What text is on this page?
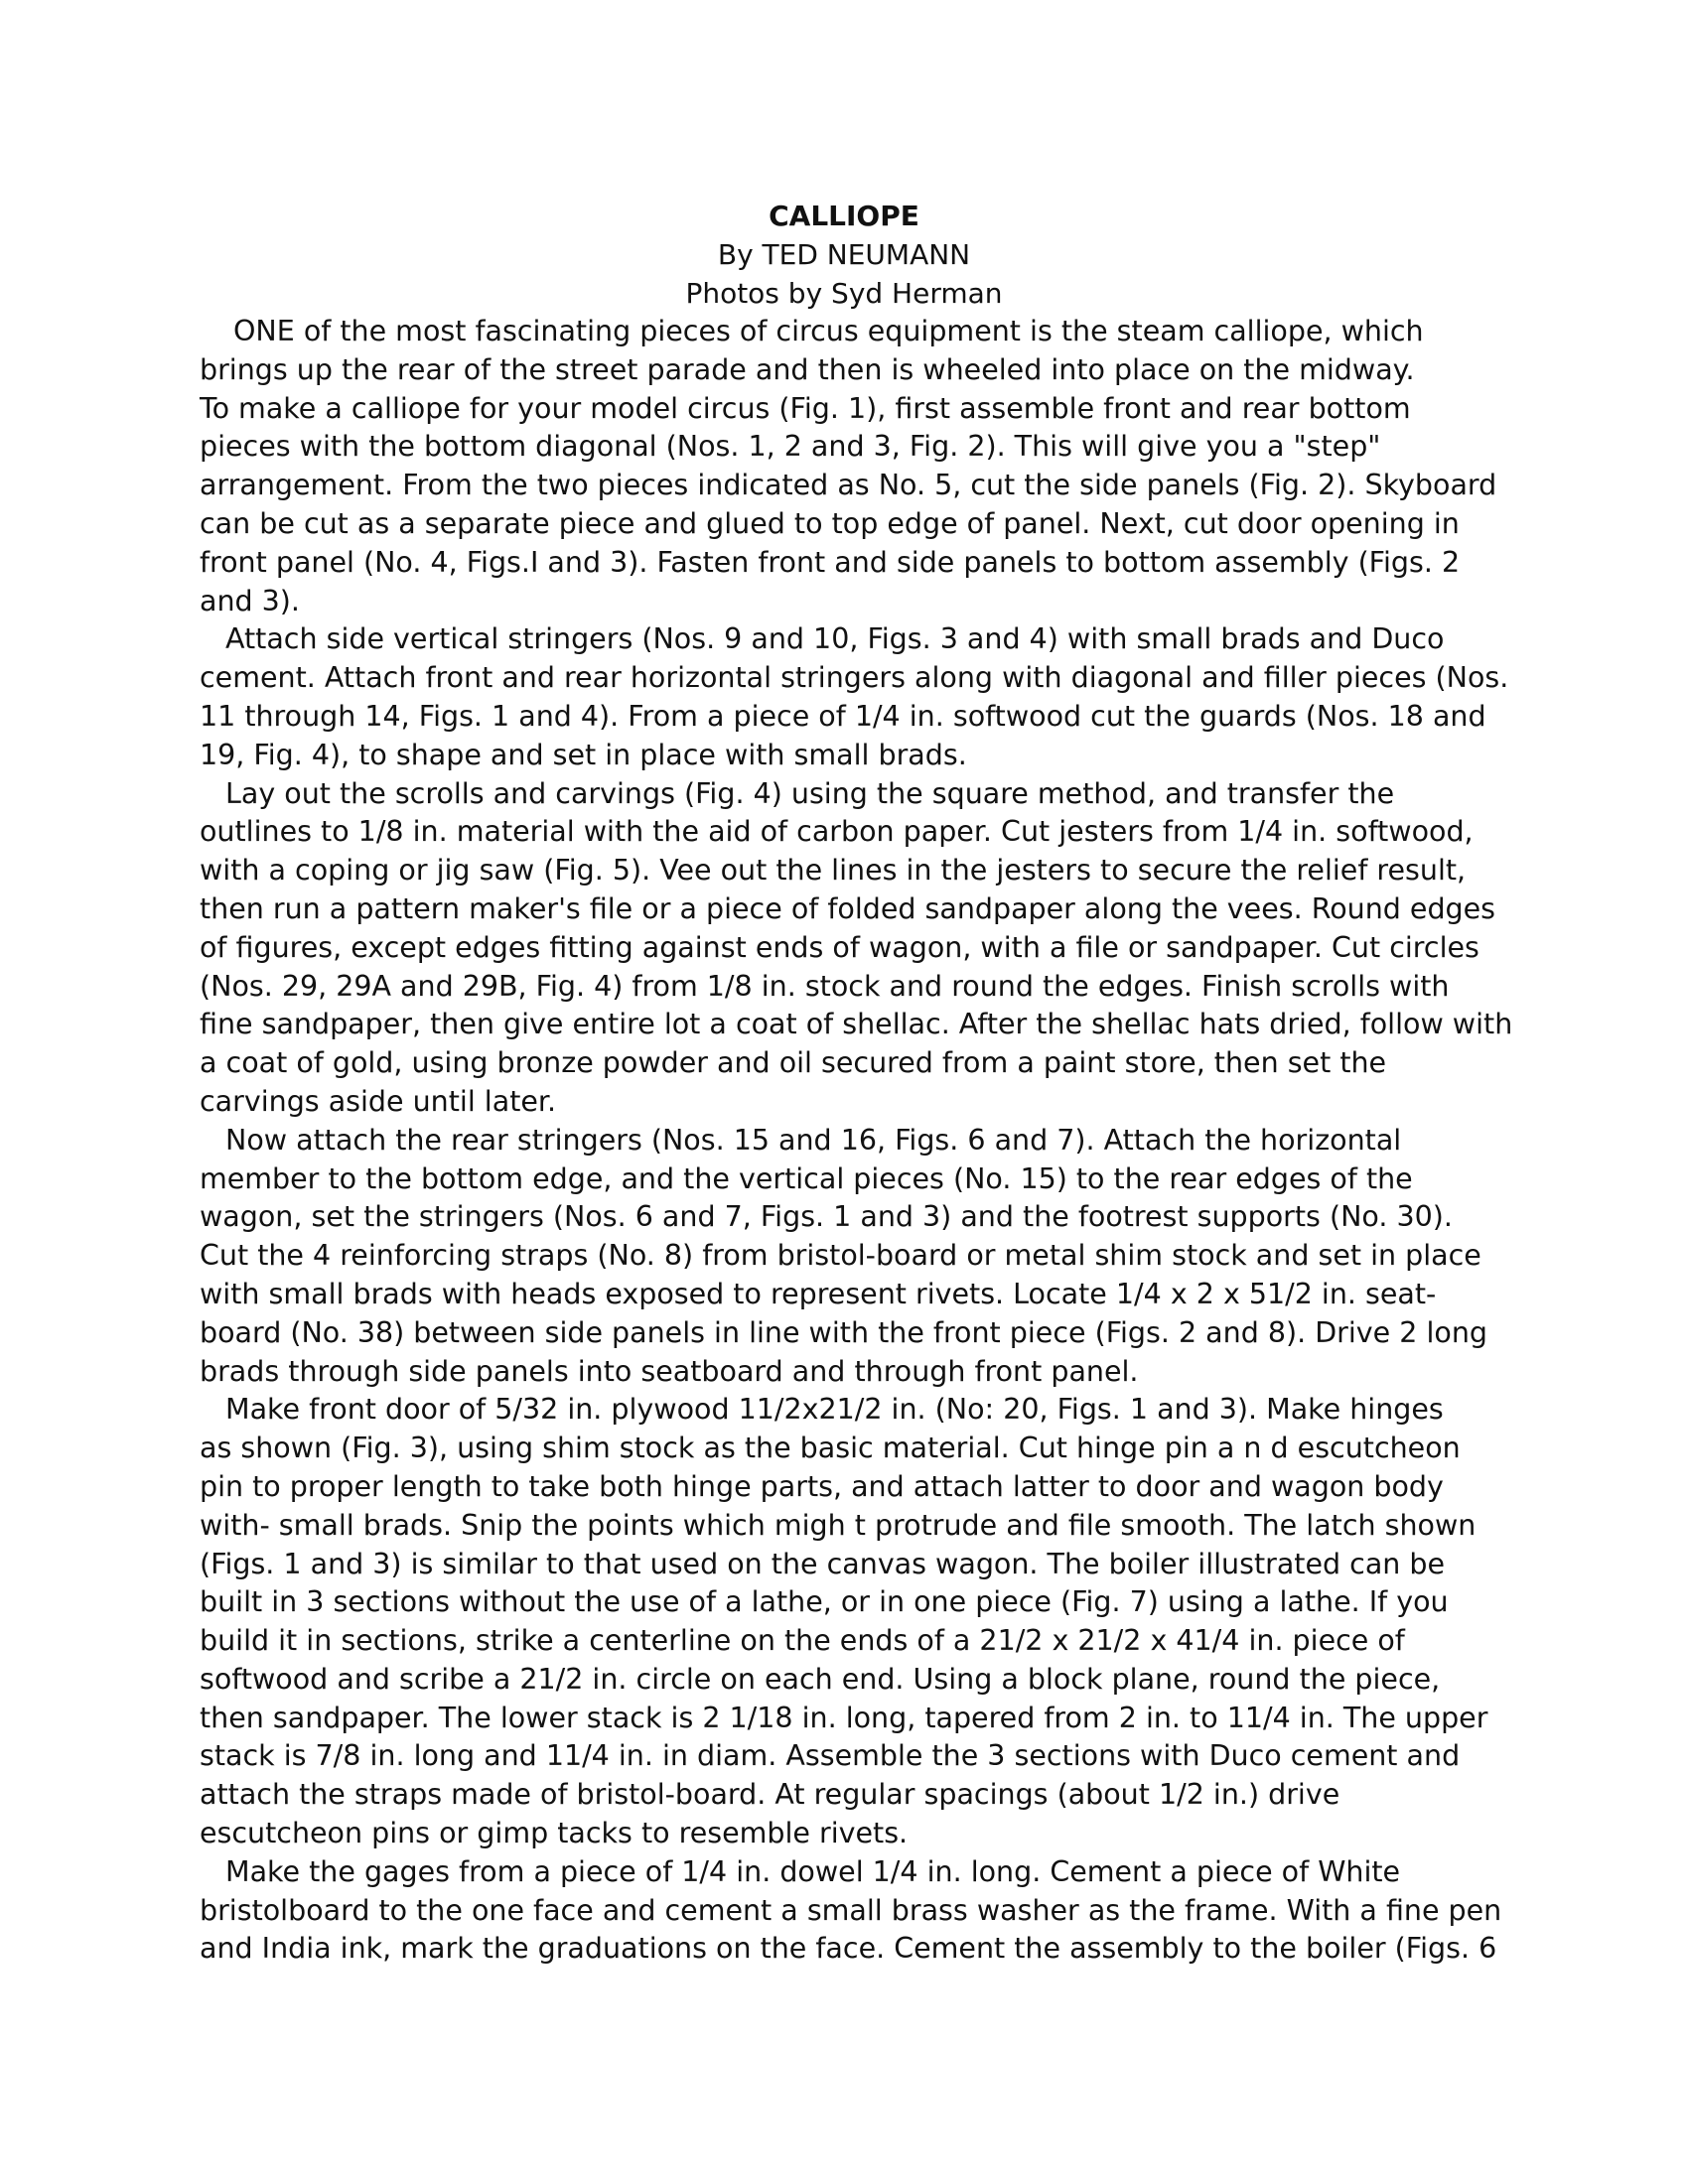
CALLIOPE
By TED NEUMANN
Photos by Syd Herman
ONE of the most fascinating pieces of circus equipment is the steam calliope, which
brings up the rear of the street parade and then is wheeled into place on the midway.
To make a calliope for your model circus (Fig. 1), first assemble front and rear bottom
pieces with the bottom diagonal (Nos. 1, 2 and 3, Fig. 2). This will give you a "step"
arrangement. From the two pieces indicated as No. 5, cut the side panels (Fig. 2). Skyboard
can be cut as a separate piece and glued to top edge of panel. Next, cut door opening in
front panel (No. 4, Figs.I and 3). Fasten front and side panels to bottom assembly (Figs. 2
and 3).
Attach side vertical stringers (Nos. 9 and 10, Figs. 3 and 4) with small brads and Duco
cement. Attach front and rear horizontal stringers along with diagonal and filler pieces (Nos.
11 through 14, Figs. 1 and 4). From a piece of 1/4 in. softwood cut the guards (Nos. 18 and
19, Fig. 4), to shape and set in place with small brads.
Lay out the scrolls and carvings (Fig. 4) using the square method, and transfer the
outlines to 1/8 in. material with the aid of carbon paper. Cut jesters from 1/4 in. softwood,
with a coping or jig saw (Fig. 5). Vee out the lines in the jesters to secure the relief result,
then run a pattern maker's file or a piece of folded sandpaper along the vees. Round edges
of figures, except edges fitting against ends of wagon, with a file or sandpaper. Cut circles
(Nos. 29, 29A and 29B, Fig. 4) from 1/8 in. stock and round the edges. Finish scrolls with
fine sandpaper, then give entire lot a coat of shellac. After the shellac hats dried, follow with
a coat of gold, using bronze powder and oil secured from a paint store, then set the
carvings aside until later.
Now attach the rear stringers (Nos. 15 and 16, Figs. 6 and 7). Attach the horizontal
member to the bottom edge, and the vertical pieces (No. 15) to the rear edges of the
wagon, set the stringers (Nos. 6 and 7, Figs. 1 and 3) and the footrest supports (No. 30).
Cut the 4 reinforcing straps (No. 8) from bristol-board or metal shim stock and set in place
with small brads with heads exposed to represent rivets. Locate 1/4 x 2 x 51/2 in. seat-
board (No. 38) between side panels in line with the front piece (Figs. 2 and 8). Drive 2 long
brads through side panels into seatboard and through front panel.
Make front door of 5/32 in. plywood 11/2x21/2 in. (No: 20, Figs. 1 and 3). Make hinges
as shown (Fig. 3), using shim stock as the basic material. Cut hinge pin a n d escutcheon
pin to proper length to take both hinge parts, and attach latter to door and wagon body
with- small brads. Snip the points which migh t protrude and file smooth. The latch shown
(Figs. 1 and 3) is similar to that used on the canvas wagon. The boiler illustrated can be
built in 3 sections without the use of a lathe, or in one piece (Fig. 7) using a lathe. If you
build it in sections, strike a centerline on the ends of a 21/2 x 21/2 x 41/4 in. piece of
softwood and scribe a 21/2 in. circle on each end. Using a block plane, round the piece,
then sandpaper. The lower stack is 2 1/18 in. long, tapered from 2 in. to 11/4 in. The upper
stack is 7/8 in. long and 11/4 in. in diam. Assemble the 3 sections with Duco cement and
attach the straps made of bristol-board. At regular spacings (about 1/2 in.) drive
escutcheon pins or gimp tacks to resemble rivets.
Make the gages from a piece of 1/4 in. dowel 1/4 in. long. Cement a piece of White
bristolboard to the one face and cement a small brass washer as the frame. With a fine pen
and India ink, mark the graduations on the face. Cement the assembly to the boiler (Figs. 6
